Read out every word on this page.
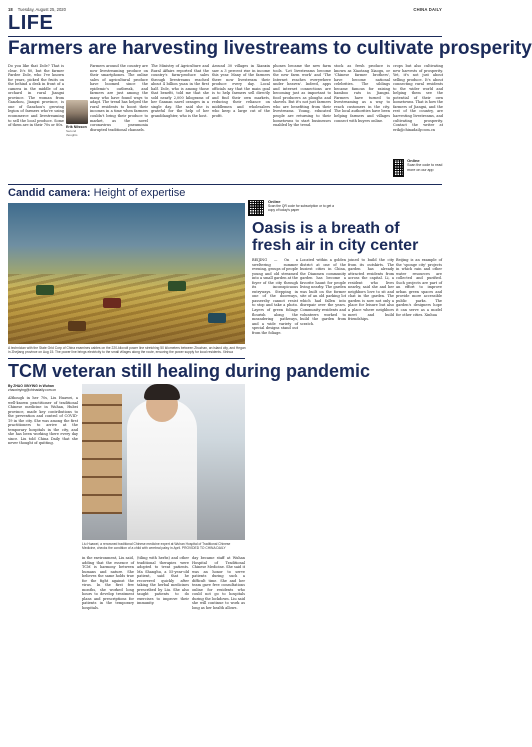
18 Tuesday, August 25, 2020	CHINA DAILY
LIFE
Farmers are harvesting livestreams to cultivate prosperity
Do you like that Dole? That is clear. It's 80, but the farmer Pardee Dole, who I've known for years, picked the fruits on the behind a desk in front of a camera in the middle of an orchard in rural Jiangxi province. The woman from Ganzhou, Jiangxi province, is one of Ganzhou's growing legion of farmers who're using ecommerce and livestreaming to sell the local produce. Some of them are in their 70s or 80s. Erik Nilsson
Second thoughts
Farmers around the country are now livestreaming produce on their smartphones. The online sales of agricultural produce have boomed since the epidemic's outbreak, and farmers are just among the many who have found ways to adapt. The trend has helped the rural residents to boost their incomes in a time when farmers couldn't bring their produce to market, as the novel coronavirus pneumonia disrupted traditional channels.
The Ministry of Agriculture and Rural Affairs reported that the country's farm-produce sales through livestreams reached about 4 billion yuan in the first half. Dole, who is among those that benefit, told me that she sold nearly 2,000 kilograms of her Gannan navel oranges in a single day. She said she is grateful for the help of her granddaughter, who is the host.
Around 30 villages in Xianxin saw a 3 percent rise in income this year. Many of the farmers there now livestream their produce every day. Local officials say that the main goal is to help farmers sell directly and find their own markets, reducing their reliance on middlemen and wholesalers who keep a large cut of the profit.
phones became the new farm tools. 'Let livestreams become the new farm work' and 'The Internet reaches everywhere under heaven'. Indeed, apps and internet connections are becoming just as important to food producers as ploughs and shovels. But it's not just farmers who are benefiting from their livestreams. Young, educated people are returning to their hometowns to start businesses enabled by the trend.
stock as fresh produce is known as Xiaotang Xiaogu, or 'Chinese farmer brothers', have become national celebrities. The siblings became famous for raising bamboo rats in Jiangxi. Farmers have turned to livestreaming as a way to reach customers in the city. The local authorities have been helping farmers and villages connect with buyers online.
crops but also cultivating new harvests of prosperity. Yet, it's not just about selling produce. It's about connecting rural residents to the wider world and helping them see the potential of their own hometowns. That is how the farmers of Jiangxi, and the rest of the country, are harvesting livestreams, and cultivating prosperity. Contact the writer at erik@chinadaily.com.cn
Online
Scan the code to read more on our app
Candid camera: Height of expertise
A technician with the State Grid Corp of China examines cables on the 220-kilovolt power line stretching 50 kilometers between Zhuzhan, an island city, and Hegan in Zhejiang province on Aug 15. The power line brings electricity to the small villages along the route, ensuring the power supply for local residents. Xinhua
Online
Scan the QR code for subscription or to get a copy of today's paper
Oasis is a breath of fresh air in city center
BEIJING — On a sweltering summer evening, groups of people young and old streamed into a small garden at the foyer of the city through its inconspicuous entryways. Stepping in one of the doorways, passersby cannot resist to stop and take a photo. Layers of green foliage flourish along the meandering pathways, and a wide variety of special designs stand out from the foliage.
Located within a golden district at one of the busiest cities in China, the Dianmen community garden has become a favorite haunt for people living nearby. The garden was built on the former site of an old parking lot which had fallen into disrepair over the years. Community residents and volunteers worked to build the garden from scratch.
joined to build the city from its outskirts. The garden has already attracted residents from across the capital. Li, a resident who lives nearby, said she and her neighbors love to sit and chat in the garden. The garden is now not only a place for leisure but also a place where neighbors meet and build friendships.
Beijing is an example of the 'sponge city' projects in which rain and other water resources are collected and purified. Such projects are part of an effort to improve urban green spaces and provide more accessible public parks. The garden's designers hope it can serve as a model for other cities. Xinhua
TCM veteran still healing during pandemic
By ZHAO XINYING in Wuhan
zhaoxinying@chinadaily.com.cn
Although in her 70s, Liu Huawei, a well-known practitioner of traditional Chinese medicine in Wuhan, Hubei province, made key contributions to the prevention and control of COVID-19 in the city. She was among the first practitioners to arrive at the temporary hospitals in the city, and she has been working there every day since. Liu told China Daily that she never thought of quitting.
Liu Huawei, a renowned traditional Chinese medicine expert at Wuhan Hospital of Traditional Chinese Medicine, checks the condition of a child with cerebral palsy in April. PROVIDED TO CHINA DAILY
in the environment, Liu said, adding that the essence of TCM is harmony between humans and nature. She believes the same holds true for the fight against the virus. In the first few months, she worked long hours to develop treatment plans and prescriptions for patients in the temporary hospitals.
(tiling with herbs) and other traditional therapies were adopted to treat patients. Ma Shanghu, a 55-year-old patient, said that he recovered quickly after taking the herbal medicines prescribed by Liu. She also taught patients to do exercises to improve their immunity.
day became staff at Wuhan Hospital of Traditional Chinese Medicine. She said it was an honor to serve patients during such a difficult time. She and her team gave free consultations online for residents who could not go to hospitals during the lockdown. Liu said she will continue to work as long as her health allows.
